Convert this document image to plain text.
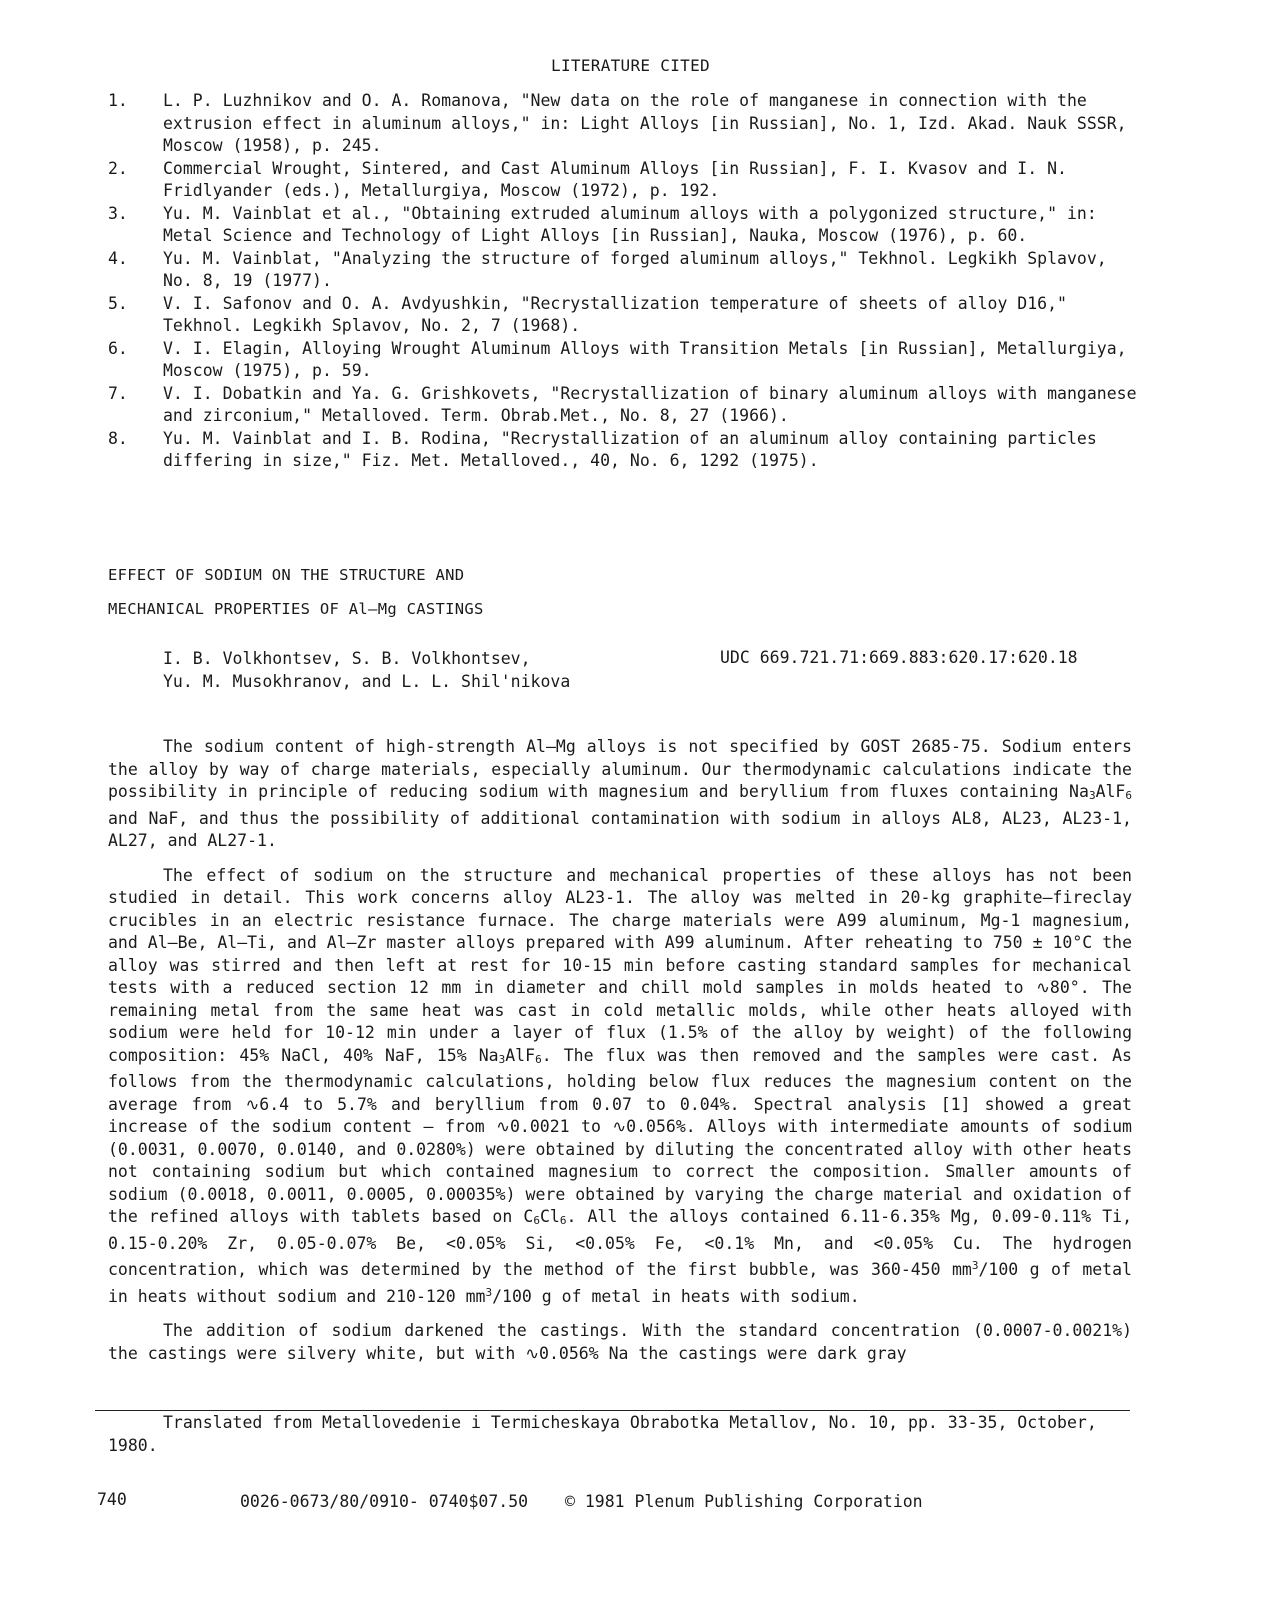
LITERATURE CITED

1. L. P. Luzhnikov and O. A. Romanova, "New data on the role of manganese in connection with the extrusion effect in aluminum alloys," in: Light Alloys [in Russian], No. 1, Izd. Akad. Nauk SSSR, Moscow (1958), p. 245.

2. Commercial Wrought, Sintered, and Cast Aluminum Alloys [in Russian], F. I. Kvasov and I. N. Fridlyander (eds.), Metallurgiya, Moscow (1972), p. 192.

3. Yu. M. Vainblat et al., "Obtaining extruded aluminum alloys with a polygonized structure," in: Metal Science and Technology of Light Alloys [in Russian], Nauka, Moscow (1976), p. 60.

4. Yu. M. Vainblat, "Analyzing the structure of forged aluminum alloys," Tekhnol. Legkikh Splavov, No. 8, 19 (1977).

5. V. I. Safonov and O. A. Avdyushkin, "Recrystallization temperature of sheets of alloy D16," Tekhnol. Legkikh Splavov, No. 2, 7 (1968).

6. V. I. Elagin, Alloying Wrought Aluminum Alloys with Transition Metals [in Russian], Metallurgiya, Moscow (1975), p. 59.

7. V. I. Dobatkin and Ya. G. Grishkovets, "Recrystallization of binary aluminum alloys with manganese and zirconium," Metalloved. Term. Obrab.Met., No. 8, 27 (1966).

8. Yu. M. Vainblat and I. B. Rodina, "Recrystallization of an aluminum alloy containing particles differing in size," Fiz. Met. Metalloved., 40, No. 6, 1292 (1975).

EFFECT OF SODIUM ON THE STRUCTURE AND
MECHANICAL PROPERTIES OF Al—Mg CASTINGS
I. B. Volkhontsev, S. B. Volkhontsev,
Yu. M. Musokhranov, and L. L. Shil'nikova
UDC 669.721.71:669.883:620.17:620.18

The sodium content of high-strength Al—Mg alloys is not specified by GOST 2685-75. Sodium enters the alloy by way of charge materials, especially aluminum. Our thermodynamic calculations indicate the possibility in principle of reducing sodium with magnesium and beryllium from fluxes containing $Na_3AlF_6$ and NaF, and thus the possibility of additional contamination with sodium in alloys AL8, AL23, AL23-1, AL27, and AL27-1.

The effect of sodium on the structure and mechanical properties of these alloys has not been studied in detail. This work concerns alloy AL23-1. The alloy was melted in 20-kg graphite—fireclay crucibles in an electric resistance furnace. The charge materials were A99 aluminum, Mg-1 magnesium, and Al—Be, Al—Ti, and Al—Zr master alloys prepared with A99 aluminum. After reheating to 750 ± 10°C the alloy was stirred and then left at rest for 10-15 min before casting standard samples for mechanical tests with a reduced section 12 mm in diameter and chill mold samples in molds heated to ∿80°. The remaining metal from the same heat was cast in cold metallic molds, while other heats alloyed with sodium were held for 10-12 min under a layer of flux (1.5% of the alloy by weight) of the following composition: 45% NaCl, 40% NaF, 15% $Na_3AlF_6$. The flux was then removed and the samples were cast. As follows from the thermodynamic calculations, holding below flux reduces the magnesium content on the average from ∿6.4 to 5.7% and beryllium from 0.07 to 0.04%. Spectral analysis [1] showed a great increase of the sodium content — from ∿0.0021 to ∿0.056%. Alloys with intermediate amounts of sodium (0.0031, 0.0070, 0.0140, and 0.0280%) were obtained by diluting the concentrated alloy with other heats not containing sodium but which contained magnesium to correct the composition. Smaller amounts of sodium (0.0018, 0.0011, 0.0005, 0.00035%) were obtained by varying the charge material and oxidation of the refined alloys with tablets based on $C_6Cl_6$. All the alloys contained 6.11-6.35% Mg, 0.09-0.11% Ti, 0.15-0.20% Zr, 0.05-0.07% Be, <0.05% Si, <0.05% Fe, <0.1% Mn, and <0.05% Cu. The hydrogen concentration, which was determined by the method of the first bubble, was 360-450 $mm^3/100$ g of metal in heats without sodium and 210-120 $mm^3/100$ g of metal in heats with sodium.

The addition of sodium darkened the castings. With the standard concentration (0.0007-0.0021%) the castings were silvery white, but with ∿0.056% Na the castings were dark gray

Translated from Metallovedenie i Termicheskaya Obrabotka Metallov, No. 10, pp. 33-35, October, 1980.
740	0026-0673/80/0910- 0740$07.50 © 1981 Plenum Publishing Corporation
